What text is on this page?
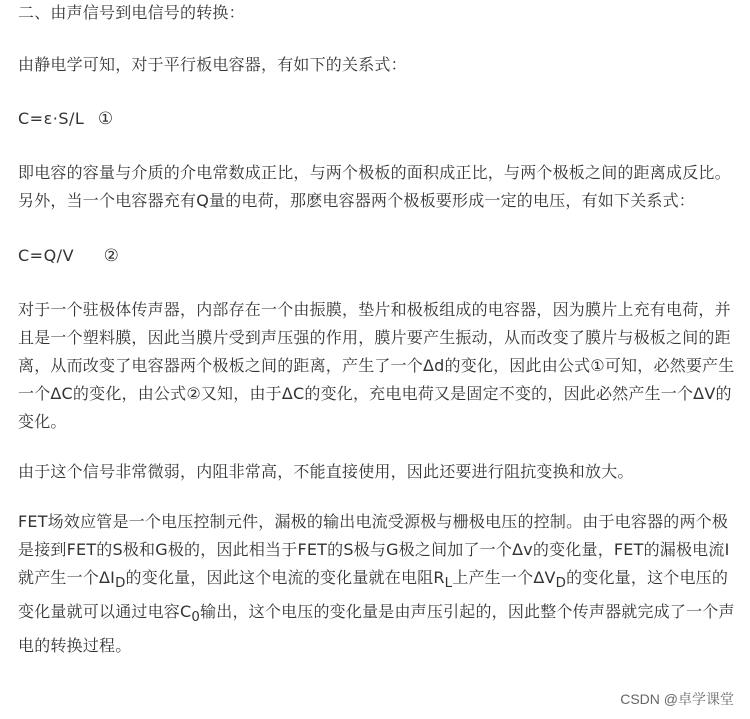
二、由声信号到电信号的转换：

由静电学可知，对于平行板电容器，有如下的关系式：

C=ε·S/L ①

即电容的容量与介质的介电常数成正比，与两个极板的面积成正比，与两个极板之间的距离成反比。另外，当一个电容器充有Q量的电荷，那麽电容器两个极板要形成一定的电压，有如下关系式：

C=Q/V ②

对于一个驻极体传声器，内部存在一个由振膜，垫片和极板组成的电容器，因为膜片上充有电荷，并且是一个塑料膜，因此当膜片受到声压强的作用，膜片要产生振动，从而改变了膜片与极板之间的距离，从而改变了电容器两个极板之间的距离，产生了一个Δd的变化，因此由公式①可知，必然要产生一个ΔC的变化，由公式②又知，由于ΔC的变化，充电电荷又是固定不变的，因此必然产生一个ΔV的变化。

由于这个信号非常微弱，内阻非常高，不能直接使用，因此还要进行阻抗变换和放大。

FET场效应管是一个电压控制元件，漏极的输出电流受源极与栅极电压的控制。由于电容器的两个极是接到FET的S极和G极的，因此相当于FET的S极与G极之间加了一个Δv的变化量，FET的漏极电流I就产生一个$\Delta I_D$的变化量，因此这个电流的变化量就在电阻$R_L$上产生一个$\Delta V_D$的变化量，这个电压的变化量就可以通过电容$C_0$输出，这个电压的变化量是由声压引起的，因此整个传声器就完成了一个声电的转换过程。

CSDN @卓学课堂
